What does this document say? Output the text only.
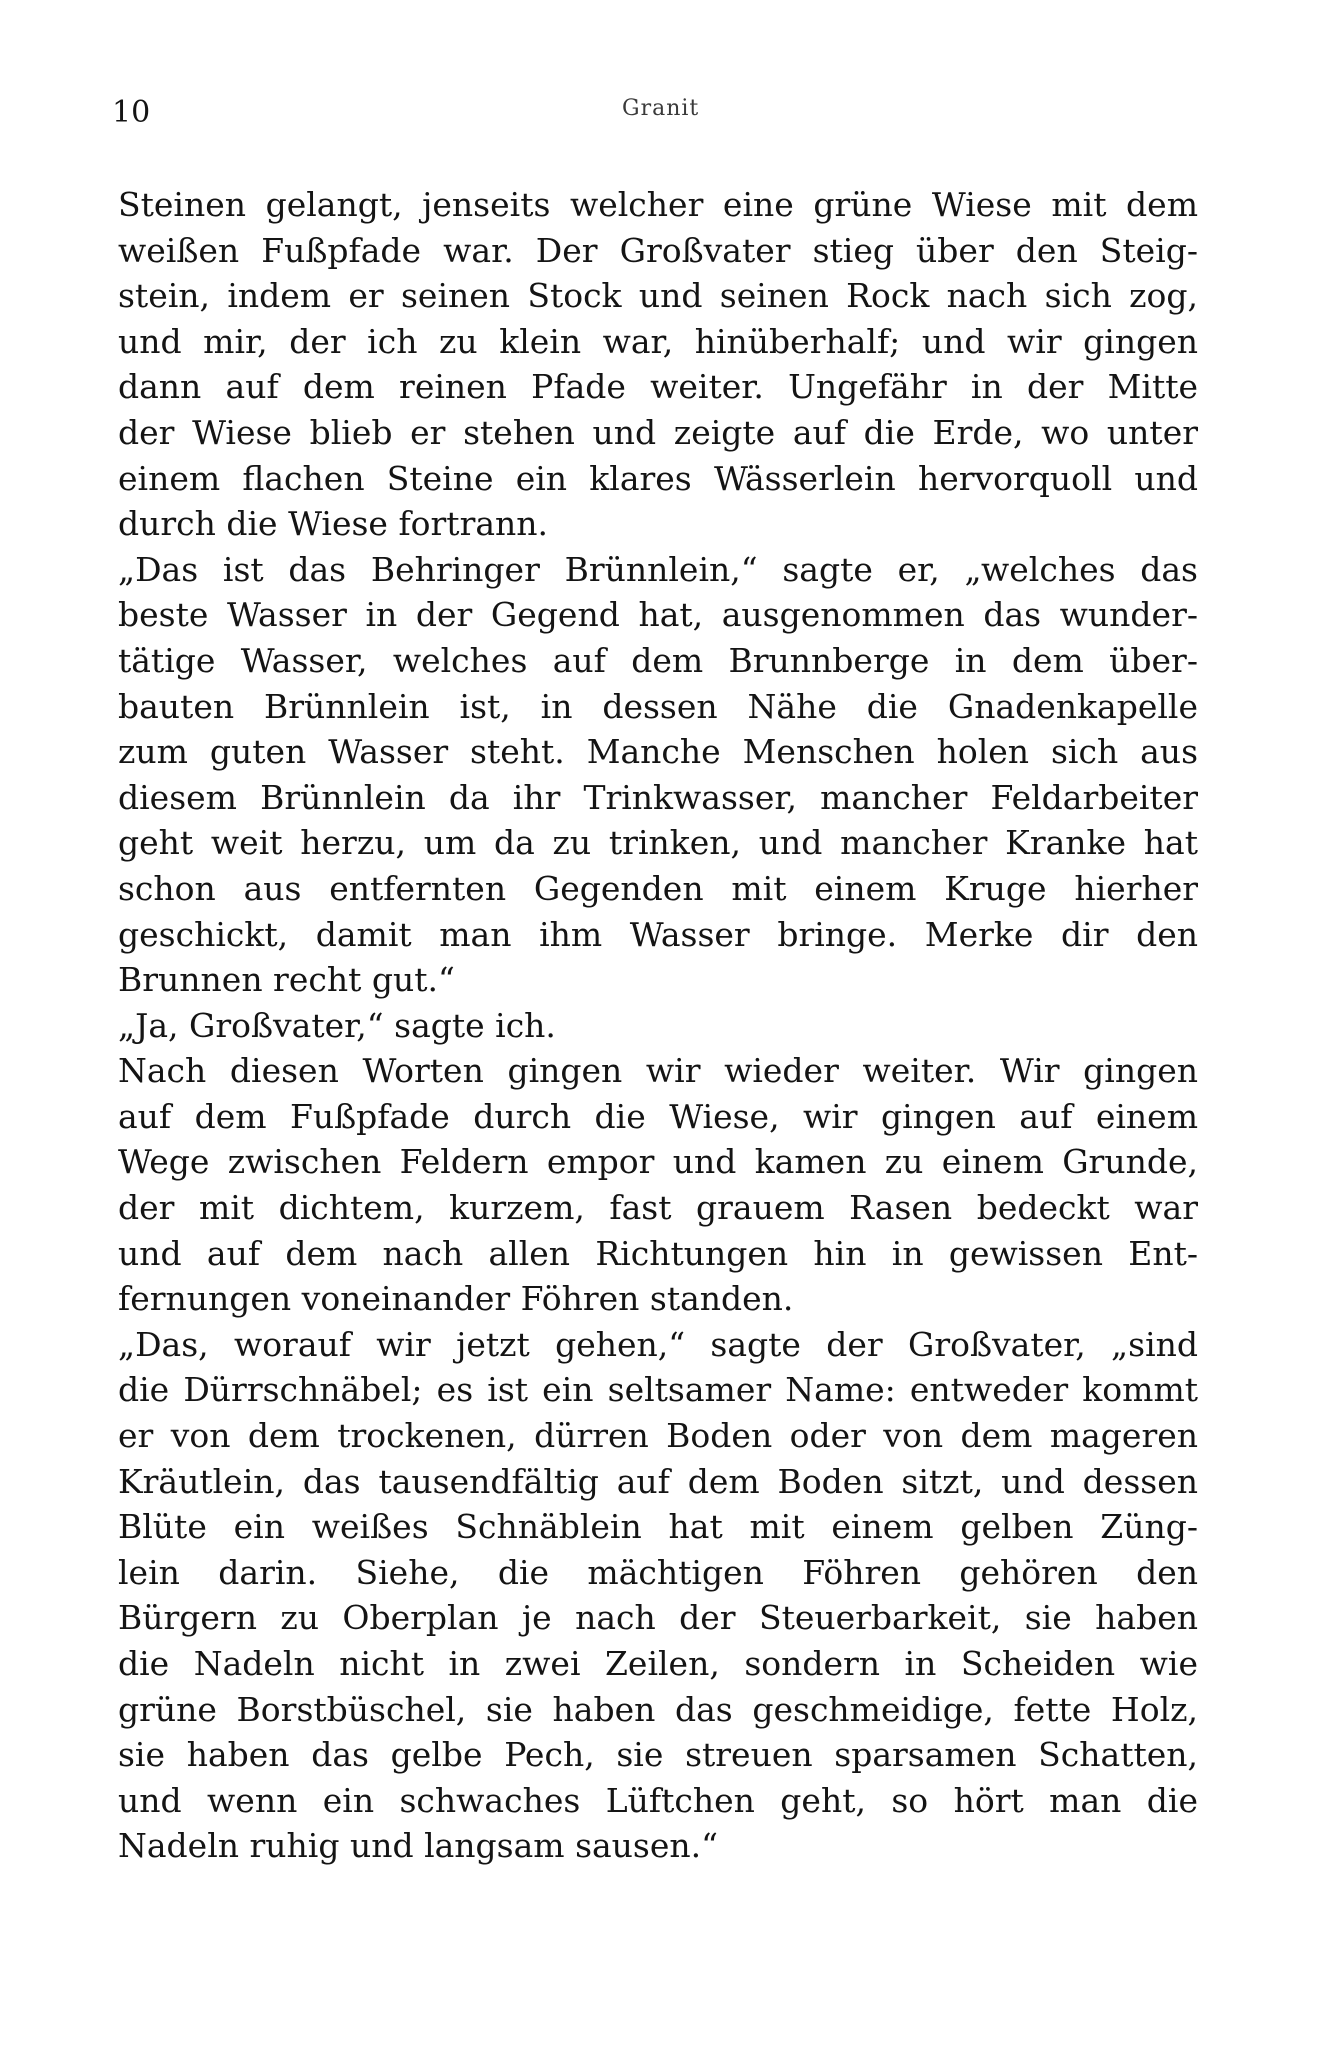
10	Granit
Steinen gelangt, jenseits welcher eine grüne Wiese mit dem
weißen Fußpfade war. Der Großvater stieg über den Steig-
stein, indem er seinen Stock und seinen Rock nach sich zog,
und mir, der ich zu klein war, hinüberhalf; und wir gingen
dann auf dem reinen Pfade weiter. Ungefähr in der Mitte
der Wiese blieb er stehen und zeigte auf die Erde, wo unter
einem flachen Steine ein klares Wässerlein hervorquoll und
durch die Wiese fortrann.
„Das ist das Behringer Brünnlein,“ sagte er, „welches das
beste Wasser in der Gegend hat, ausgenommen das wunder-
tätige Wasser, welches auf dem Brunnberge in dem über-
bauten Brünnlein ist, in dessen Nähe die Gnadenkapelle
zum guten Wasser steht. Manche Menschen holen sich aus
diesem Brünnlein da ihr Trinkwasser, mancher Feldarbeiter
geht weit herzu, um da zu trinken, und mancher Kranke hat
schon aus entfernten Gegenden mit einem Kruge hierher
geschickt, damit man ihm Wasser bringe. Merke dir den
Brunnen recht gut.“
„Ja, Großvater,“ sagte ich.
Nach diesen Worten gingen wir wieder weiter. Wir gingen
auf dem Fußpfade durch die Wiese, wir gingen auf einem
Wege zwischen Feldern empor und kamen zu einem Grunde,
der mit dichtem, kurzem, fast grauem Rasen bedeckt war
und auf dem nach allen Richtungen hin in gewissen Ent-
fernungen voneinander Föhren standen.
„Das, worauf wir jetzt gehen,“ sagte der Großvater, „sind
die Dürrschnäbel; es ist ein seltsamer Name: entweder kommt
er von dem trockenen, dürren Boden oder von dem mageren
Kräutlein, das tausendfältig auf dem Boden sitzt, und dessen
Blüte ein weißes Schnäblein hat mit einem gelben Züng-
lein darin. Siehe, die mächtigen Föhren gehören den
Bürgern zu Oberplan je nach der Steuerbarkeit, sie haben
die Nadeln nicht in zwei Zeilen, sondern in Scheiden wie
grüne Borstbüschel, sie haben das geschmeidige, fette Holz,
sie haben das gelbe Pech, sie streuen sparsamen Schatten,
und wenn ein schwaches Lüftchen geht, so hört man die
Nadeln ruhig und langsam sausen.“
